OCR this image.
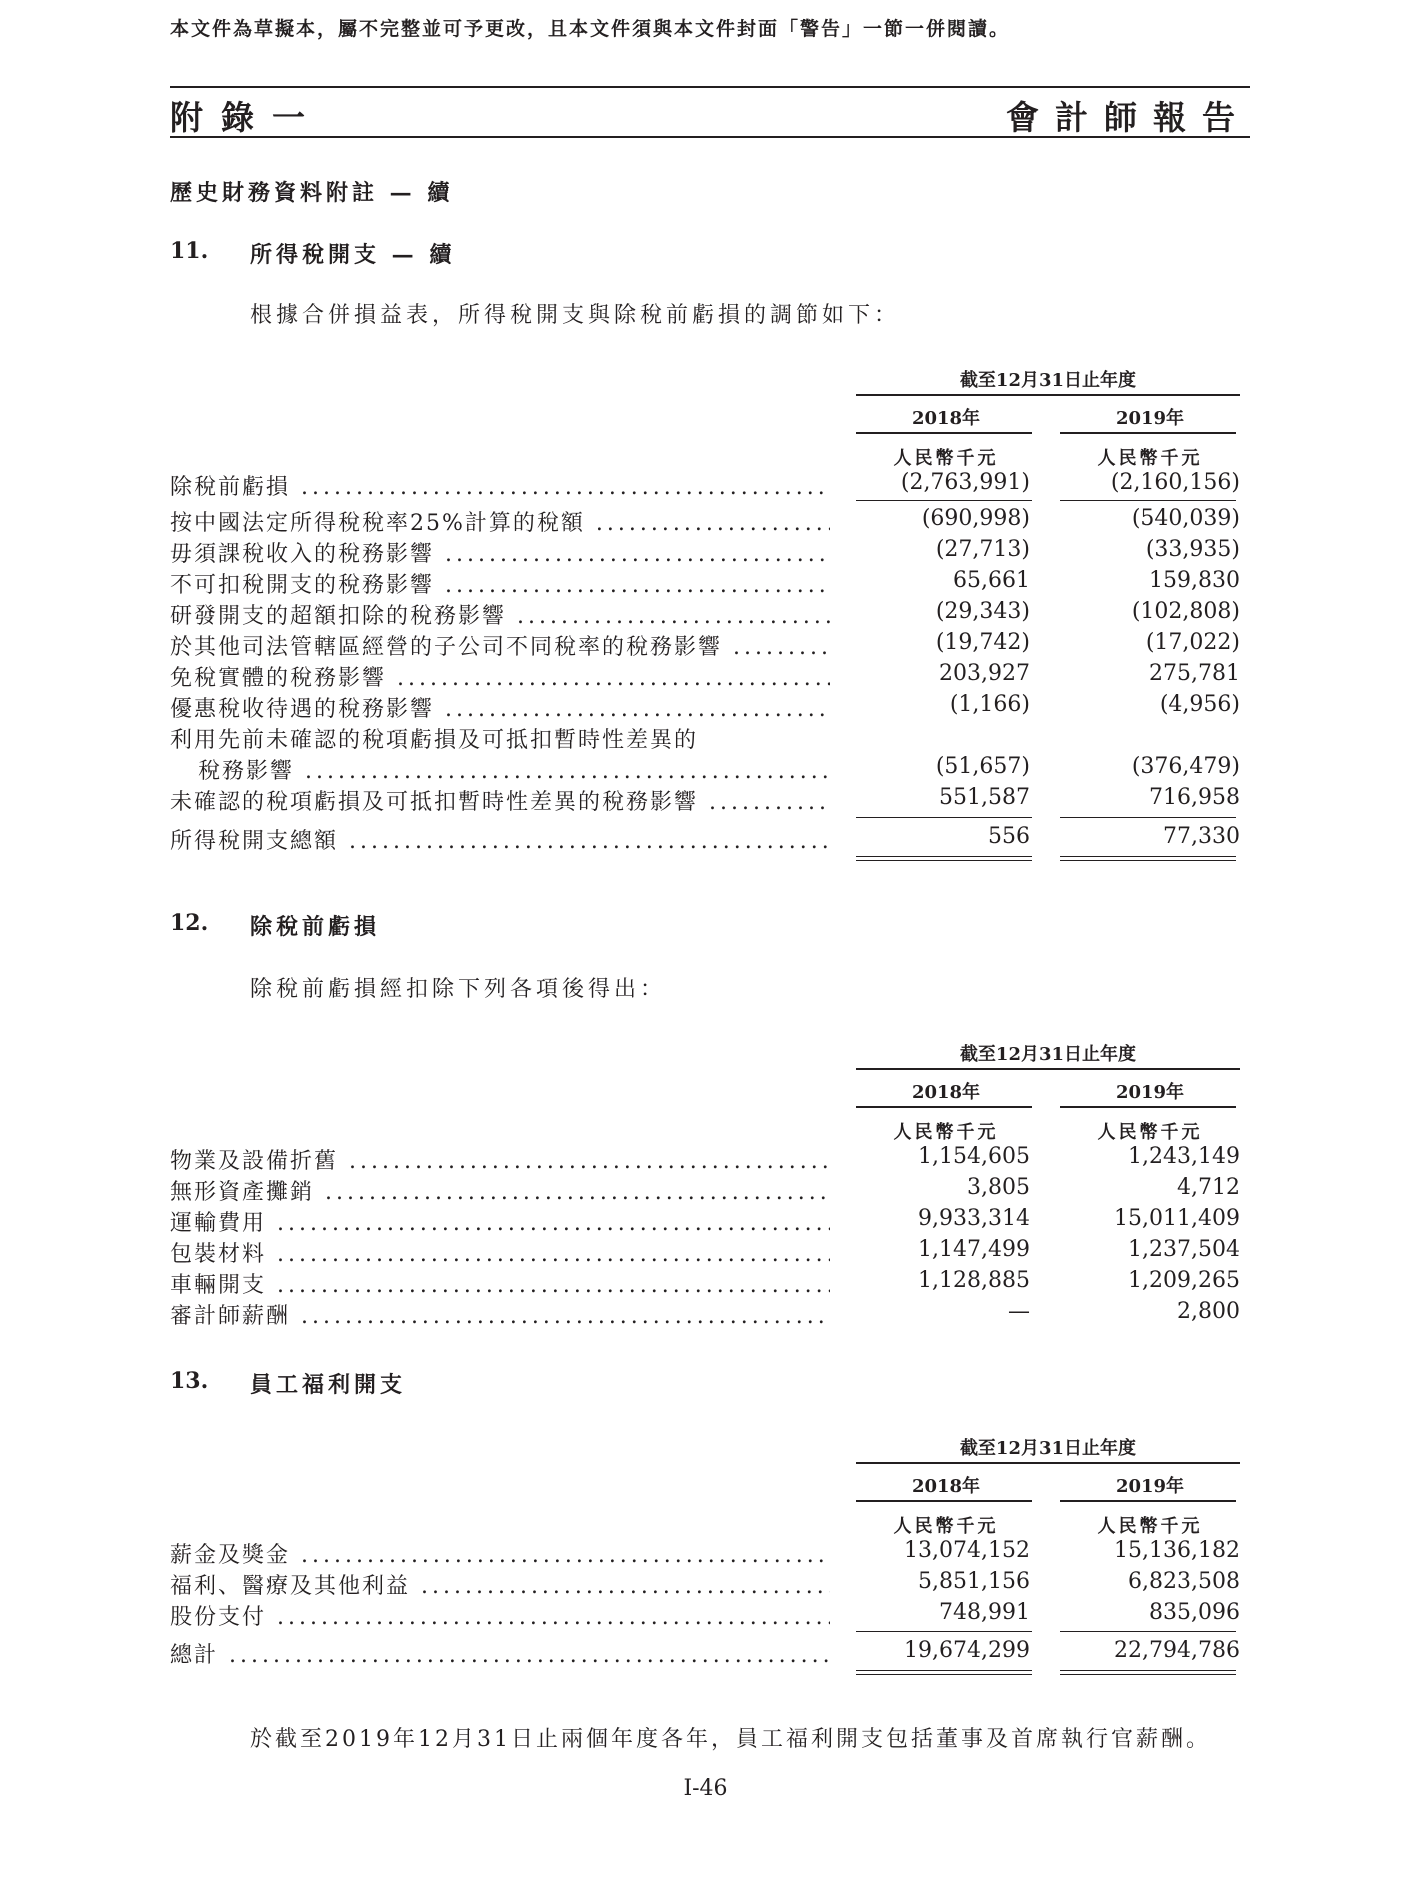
本文件為草擬本，屬不完整並可予更改，且本文件須與本文件封面「警告」一節一併閱讀。
附錄一	會計師報告
歷史財務資料附註 — 續
11. 所得稅開支 — 續
根據合併損益表，所得稅開支與除稅前虧損的調節如下：
截至12月31日止年度
2018年	2019年
人民幣千元	人民幣千元
除稅前虧損 .....	(2,763,991)	(2,160,156)
按中國法定所得稅稅率25%計算的稅額 .....	(690,998)	(540,039)
毋須課稅收入的稅務影響 .....	(27,713)	(33,935)
不可扣稅開支的稅務影響 .....	65,661	159,830
研發開支的超額扣除的稅務影響 .....	(29,343)	(102,808)
於其他司法管轄區經營的子公司不同稅率的稅務影響 .....	(19,742)	(17,022)
免稅實體的稅務影響 .....	203,927	275,781
優惠稅收待遇的稅務影響 .....	(1,166)	(4,956)
利用先前未確認的稅項虧損及可抵扣暫時性差異的
稅務影響 .....	(51,657)	(376,479)
未確認的稅項虧損及可抵扣暫時性差異的稅務影響 .....	551,587	716,958
所得稅開支總額 .....	556	77,330
12. 除稅前虧損
除稅前虧損經扣除下列各項後得出：
截至12月31日止年度
2018年	2019年
人民幣千元	人民幣千元
物業及設備折舊 .....	1,154,605	1,243,149
無形資產攤銷 .....	3,805	4,712
運輸費用 .....	9,933,314	15,011,409
包裝材料 .....	1,147,499	1,237,504
車輛開支 .....	1,128,885	1,209,265
審計師薪酬 .....	—	2,800
13. 員工福利開支
截至12月31日止年度
2018年	2019年
人民幣千元	人民幣千元
薪金及獎金 .....	13,074,152	15,136,182
福利、醫療及其他利益 .....	5,851,156	6,823,508
股份支付 .....	748,991	835,096
總計 .....	19,674,299	22,794,786
於截至2019年12月31日止兩個年度各年，員工福利開支包括董事及首席執行官薪酬。
I-46
